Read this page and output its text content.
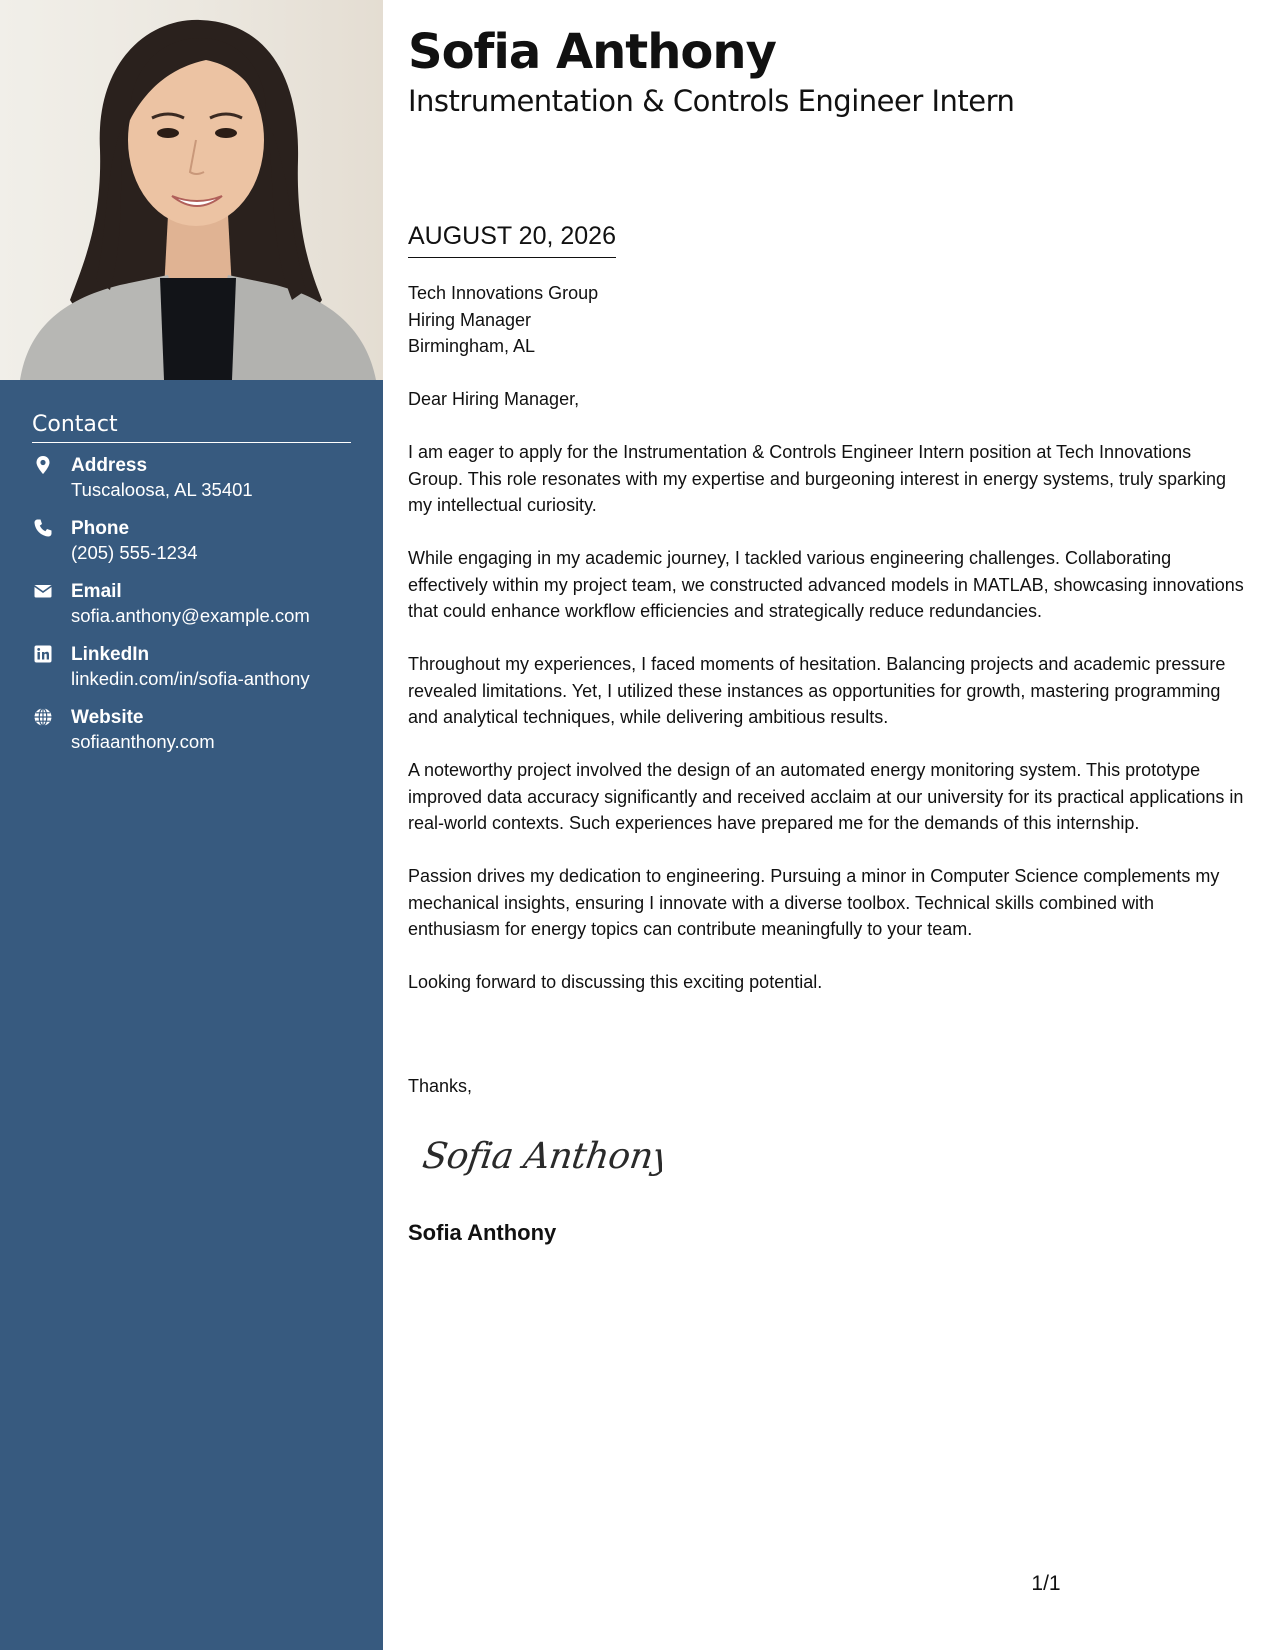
Contact
Address
Tuscaloosa, AL 35401
Phone
(205) 555-1234
Email
sofia.anthony@example.com
LinkedIn
linkedin.com/in/sofia-anthony
Website
sofiaanthony.com
Sofia Anthony
Instrumentation & Controls Engineer Intern
AUGUST 20, 2026

Tech Innovations Group
Hiring Manager
Birmingham, AL

Dear Hiring Manager,

I am eager to apply for the Instrumentation & Controls Engineer Intern position at Tech Innovations Group. This role resonates with my expertise and burgeoning interest in energy systems, truly sparking my intellectual curiosity.

While engaging in my academic journey, I tackled various engineering challenges. Collaborating effectively within my project team, we constructed advanced models in MATLAB, showcasing innovations that could enhance workflow efficiencies and strategically reduce redundancies.

Throughout my experiences, I faced moments of hesitation. Balancing projects and academic pressure revealed limitations. Yet, I utilized these instances as opportunities for growth, mastering programming and analytical techniques, while delivering ambitious results.

A noteworthy project involved the design of an automated energy monitoring system. This prototype improved data accuracy significantly and received acclaim at our university for its practical applications in real-world contexts. Such experiences have prepared me for the demands of this internship.

Passion drives my dedication to engineering. Pursuing a minor in Computer Science complements my mechanical insights, ensuring I innovate with a diverse toolbox. Technical skills combined with enthusiasm for energy topics can contribute meaningfully to your team.

Looking forward to discussing this exciting potential.

Thanks,
Sofia Anthony
Sofia Anthony
1/1
